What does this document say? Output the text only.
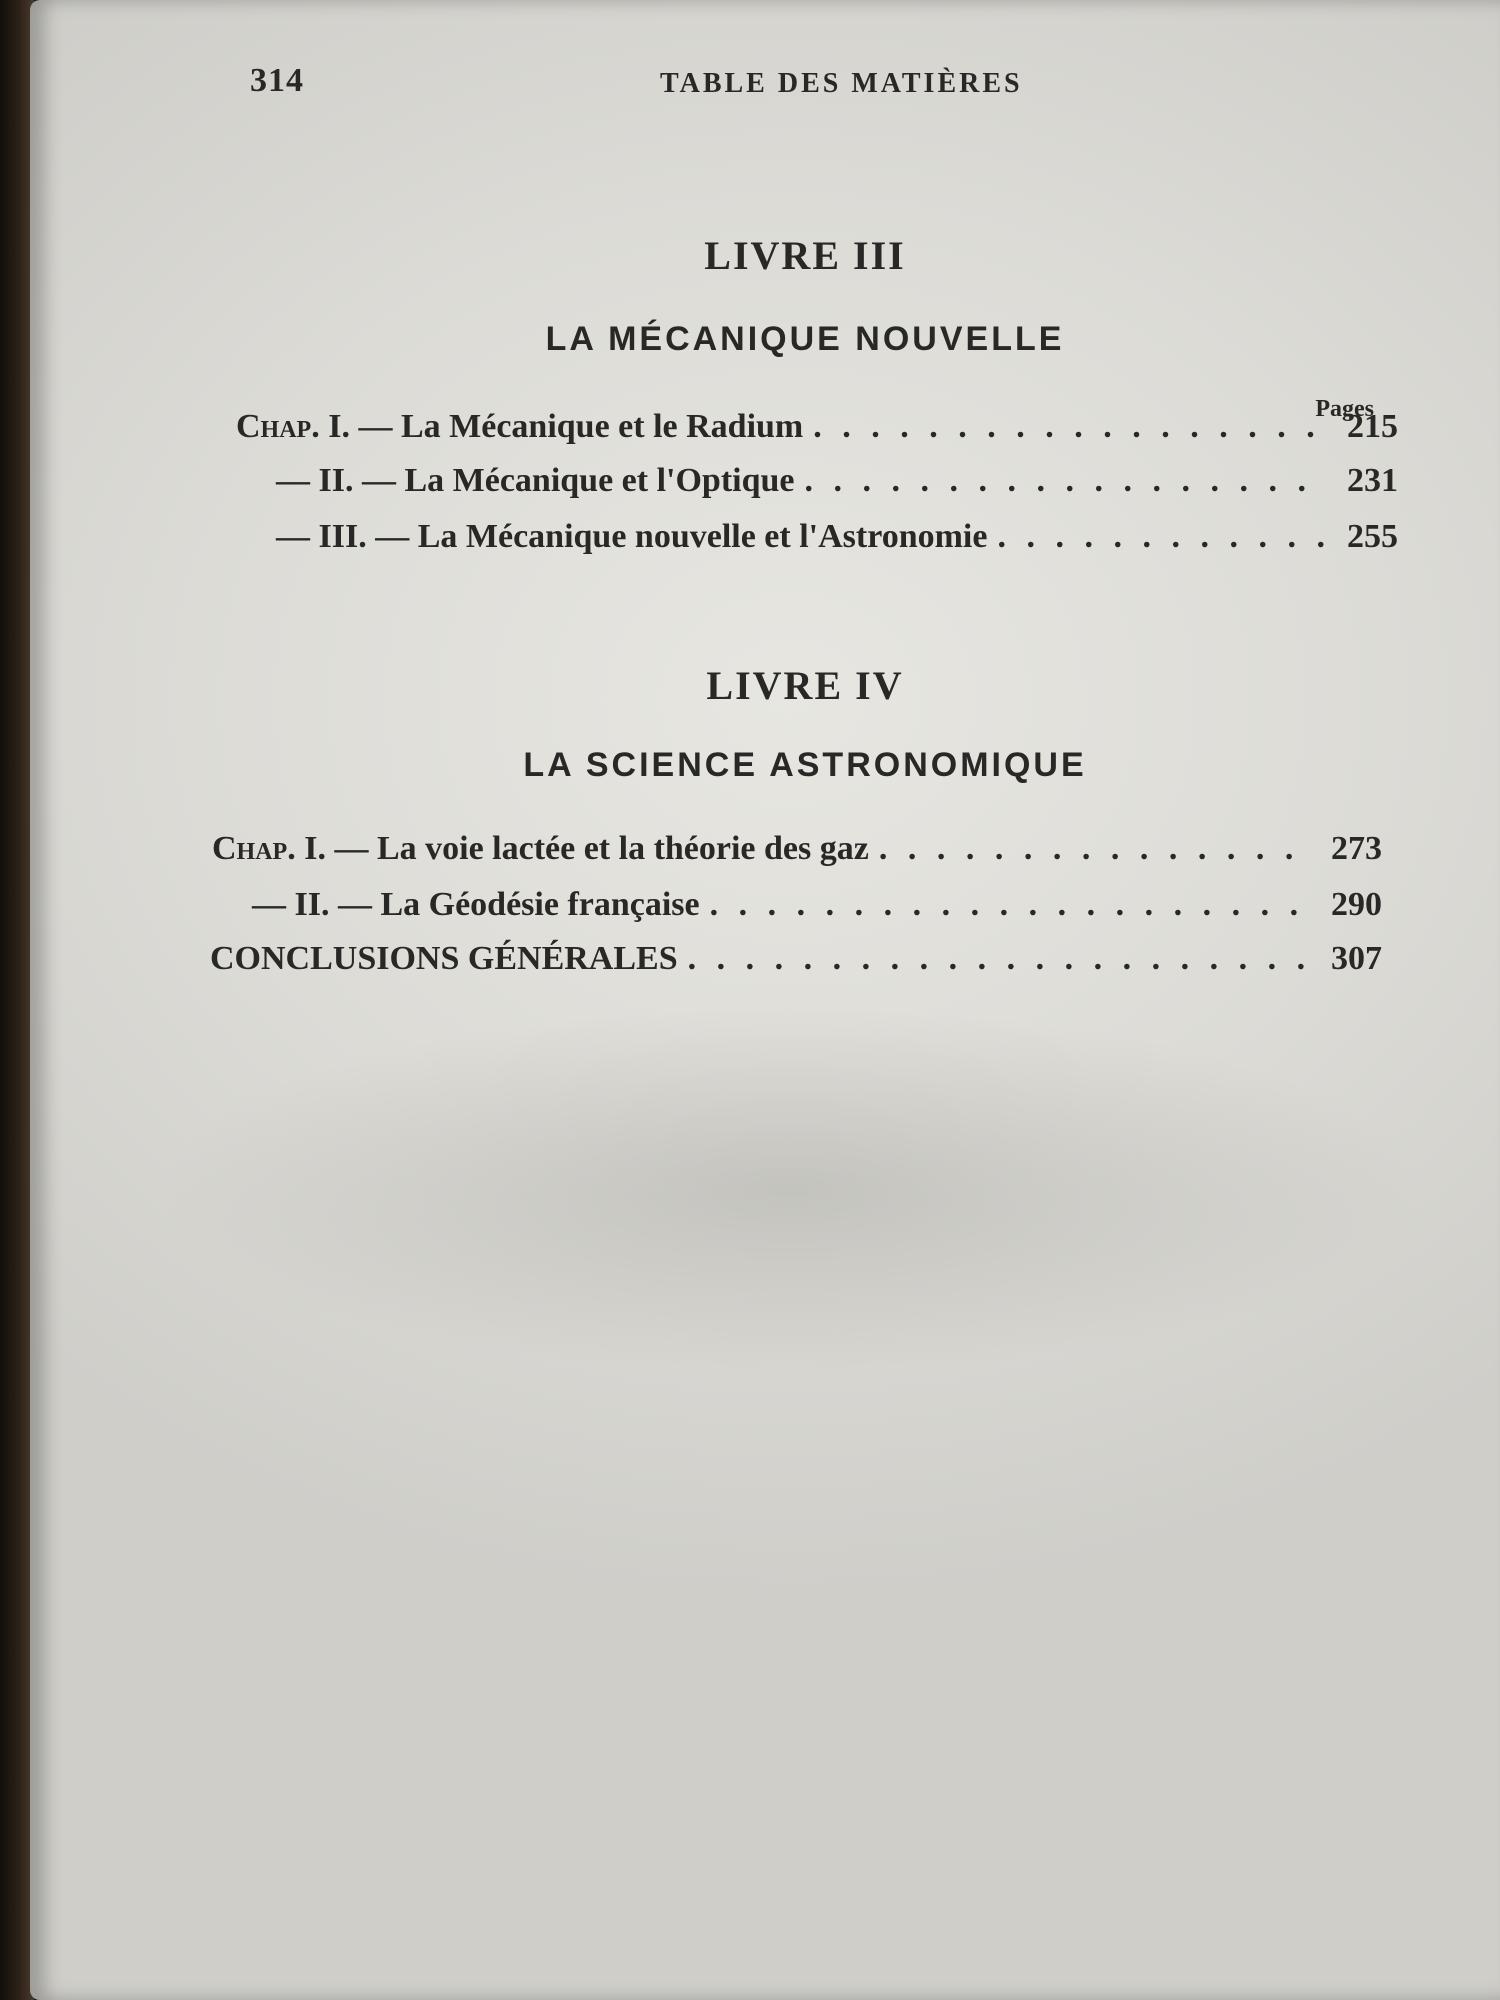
314	TABLE DES MATIÈRES
LIVRE III
LA MÉCANIQUE NOUVELLE
Pages
Chap. I. — La Mécanique et le Radium . . .	215
— II. — La Mécanique et l'Optique . . .	231
— III. — La Mécanique nouvelle et l'Astronomie . . .	255
LIVRE IV
LA SCIENCE ASTRONOMIQUE
Chap. I. — La voie lactée et la théorie des gaz . . .	273
— II. — La Géodésie française . . .	290
CONCLUSIONS GÉNÉRALES . . .	307
